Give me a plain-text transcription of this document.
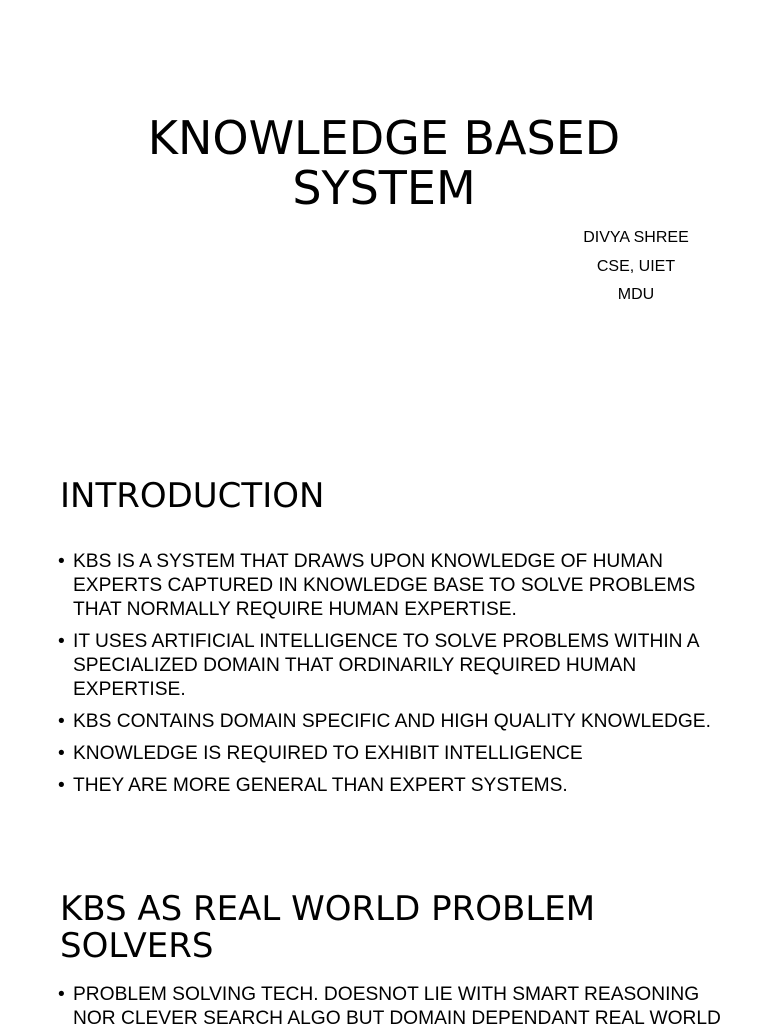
KNOWLEDGE BASED
SYSTEM
DIVYA SHREE
CSE, UIET
MDU
INTRODUCTION
• KBS IS A SYSTEM THAT DRAWS UPON KNOWLEDGE OF HUMAN EXPERTS CAPTURED IN KNOWLEDGE BASE TO SOLVE PROBLEMS THAT NORMALLY REQUIRE HUMAN EXPERTISE.
• IT USES ARTIFICIAL INTELLIGENCE TO SOLVE PROBLEMS WITHIN A SPECIALIZED DOMAIN THAT ORDINARILY REQUIRED HUMAN EXPERTISE.
• KBS CONTAINS DOMAIN SPECIFIC AND HIGH QUALITY KNOWLEDGE.
• KNOWLEDGE IS REQUIRED TO EXHIBIT INTELLIGENCE
• THEY ARE MORE GENERAL THAN EXPERT SYSTEMS.
KBS AS REAL WORLD PROBLEM SOLVERS
• PROBLEM SOLVING TECH. DOESNOT LIE WITH SMART REASONING NOR CLEVER SEARCH ALGO BUT DOMAIN DEPENDANT REAL WORLD
